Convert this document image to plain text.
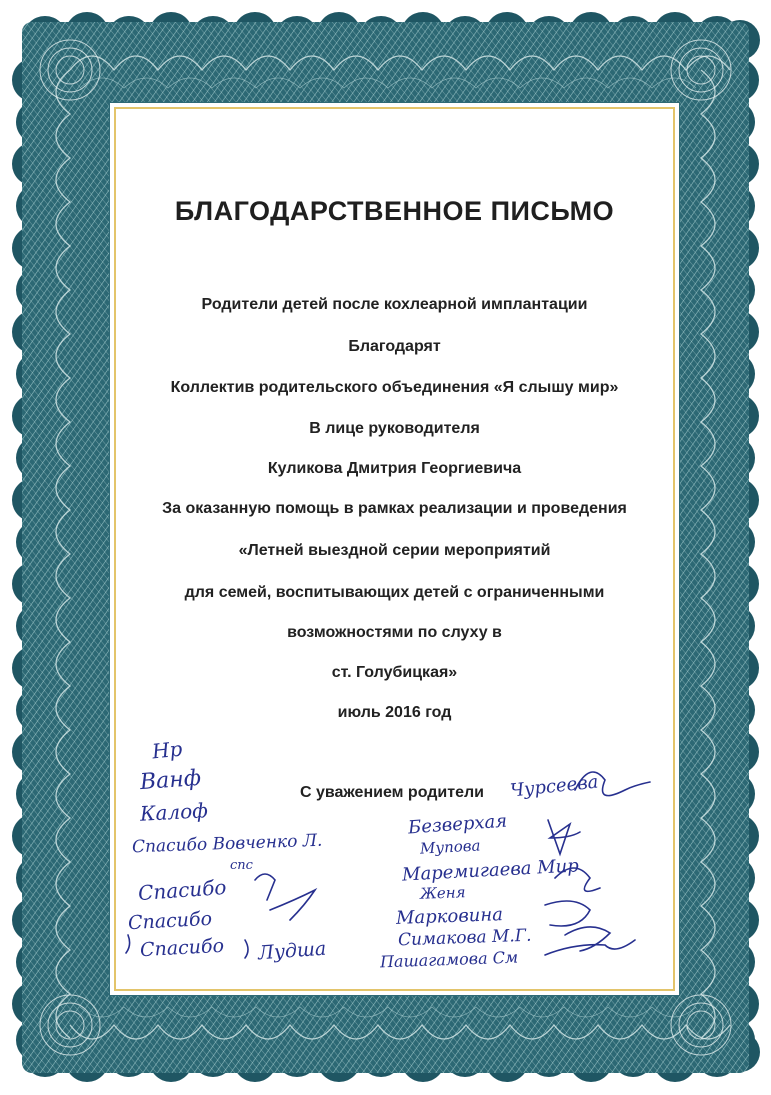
БЛАГОДАРСТВЕННОЕ ПИСЬМО

Родители детей после кохлеарной имплантации

Благодарят

Коллектив родительского объединения «Я слышу мир»

В лице руководителя

Куликова Дмитрия Георгиевича

За оказанную помощь в рамках реализации и проведения

«Летней выездной серии мероприятий

для семей, воспитывающих детей с ограниченными

возможностями по слуху в

ст. Голубицкая»

июль 2016 год

С уважением родители

Нр

Ванф

Калоф

Спасибо Вовченко Л.

спс

Спасибо

Спасибо

Спасибо Лудша

Чурсеева

Безверхая

Мупова

Маремигаева Мир

Женя

Марковина

Симакова М.Г.

Пашагамова См
